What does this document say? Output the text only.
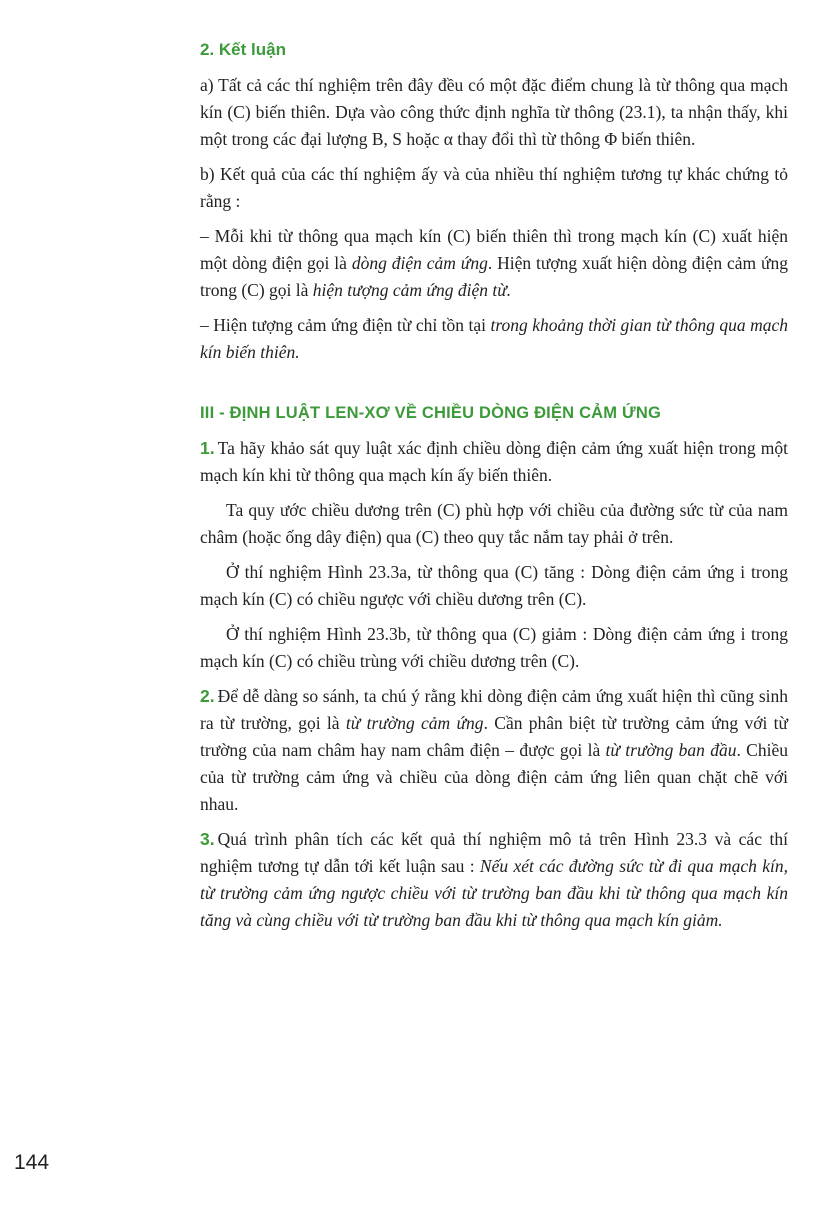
2. Kết luận

a) Tất cả các thí nghiệm trên đây đều có một đặc điểm chung là từ thông qua mạch kín (C) biến thiên. Dựa vào công thức định nghĩa từ thông (23.1), ta nhận thấy, khi một trong các đại lượng B, S hoặc α thay đổi thì từ thông Φ biến thiên.

b) Kết quả của các thí nghiệm ấy và của nhiều thí nghiệm tương tự khác chứng tỏ rằng :

– Mỗi khi từ thông qua mạch kín (C) biến thiên thì trong mạch kín (C) xuất hiện một dòng điện gọi là dòng điện cảm ứng. Hiện tượng xuất hiện dòng điện cảm ứng trong (C) gọi là hiện tượng cảm ứng điện từ.

– Hiện tượng cảm ứng điện từ chỉ tồn tại trong khoảng thời gian từ thông qua mạch kín biến thiên.

III - ĐỊNH LUẬT LEN-XƠ VỀ CHIỀU DÒNG ĐIỆN CẢM ỨNG

1. Ta hãy khảo sát quy luật xác định chiều dòng điện cảm ứng xuất hiện trong một mạch kín khi từ thông qua mạch kín ấy biến thiên.

Ta quy ước chiều dương trên (C) phù hợp với chiều của đường sức từ của nam châm (hoặc ống dây điện) qua (C) theo quy tắc nắm tay phải ở trên.

Ở thí nghiệm Hình 23.3a, từ thông qua (C) tăng : Dòng điện cảm ứng i trong mạch kín (C) có chiều ngược với chiều dương trên (C).

Ở thí nghiệm Hình 23.3b, từ thông qua (C) giảm : Dòng điện cảm ứng i trong mạch kín (C) có chiều trùng với chiều dương trên (C).

2. Để dễ dàng so sánh, ta chú ý rằng khi dòng điện cảm ứng xuất hiện thì cũng sinh ra từ trường, gọi là từ trường cảm ứng. Cần phân biệt từ trường cảm ứng với từ trường của nam châm hay nam châm điện – được gọi là từ trường ban đầu. Chiều của từ trường cảm ứng và chiều của dòng điện cảm ứng liên quan chặt chẽ với nhau.

3. Quá trình phân tích các kết quả thí nghiệm mô tả trên Hình 23.3 và các thí nghiệm tương tự dẫn tới kết luận sau : Nếu xét các đường sức từ đi qua mạch kín, từ trường cảm ứng ngược chiều với từ trường ban đầu khi từ thông qua mạch kín tăng và cùng chiều với từ trường ban đầu khi từ thông qua mạch kín giảm.

144
